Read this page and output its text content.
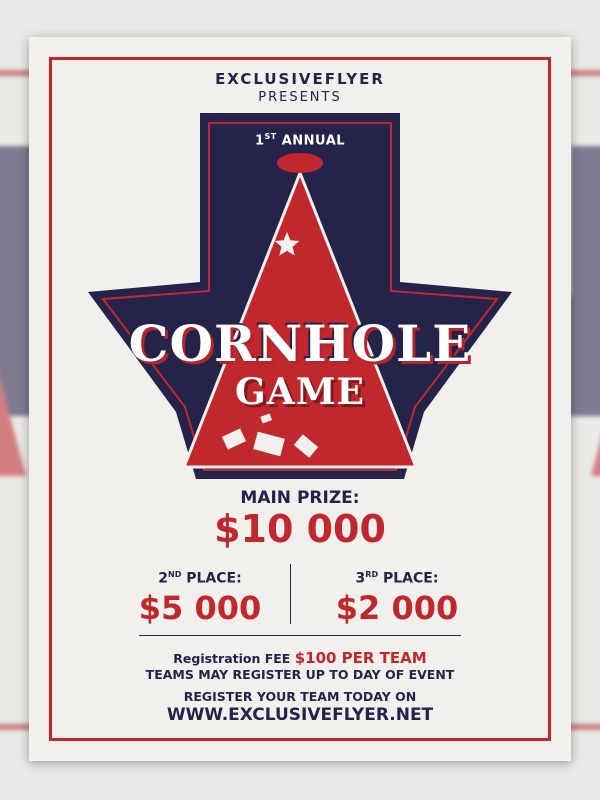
EXCLUSIVEFLYER
PRESENTS
1ST ANNUAL
CORNHOLE
GAME
MAIN PRIZE:
$10 000
2ND PLACE:
$5 000
3RD PLACE:
$2 000
Registration FEE $100 PER TEAM
TEAMS MAY REGISTER UP TO DAY OF EVENT
REGISTER YOUR TEAM TODAY ON
WWW.EXCLUSIVEFLYER.NET
